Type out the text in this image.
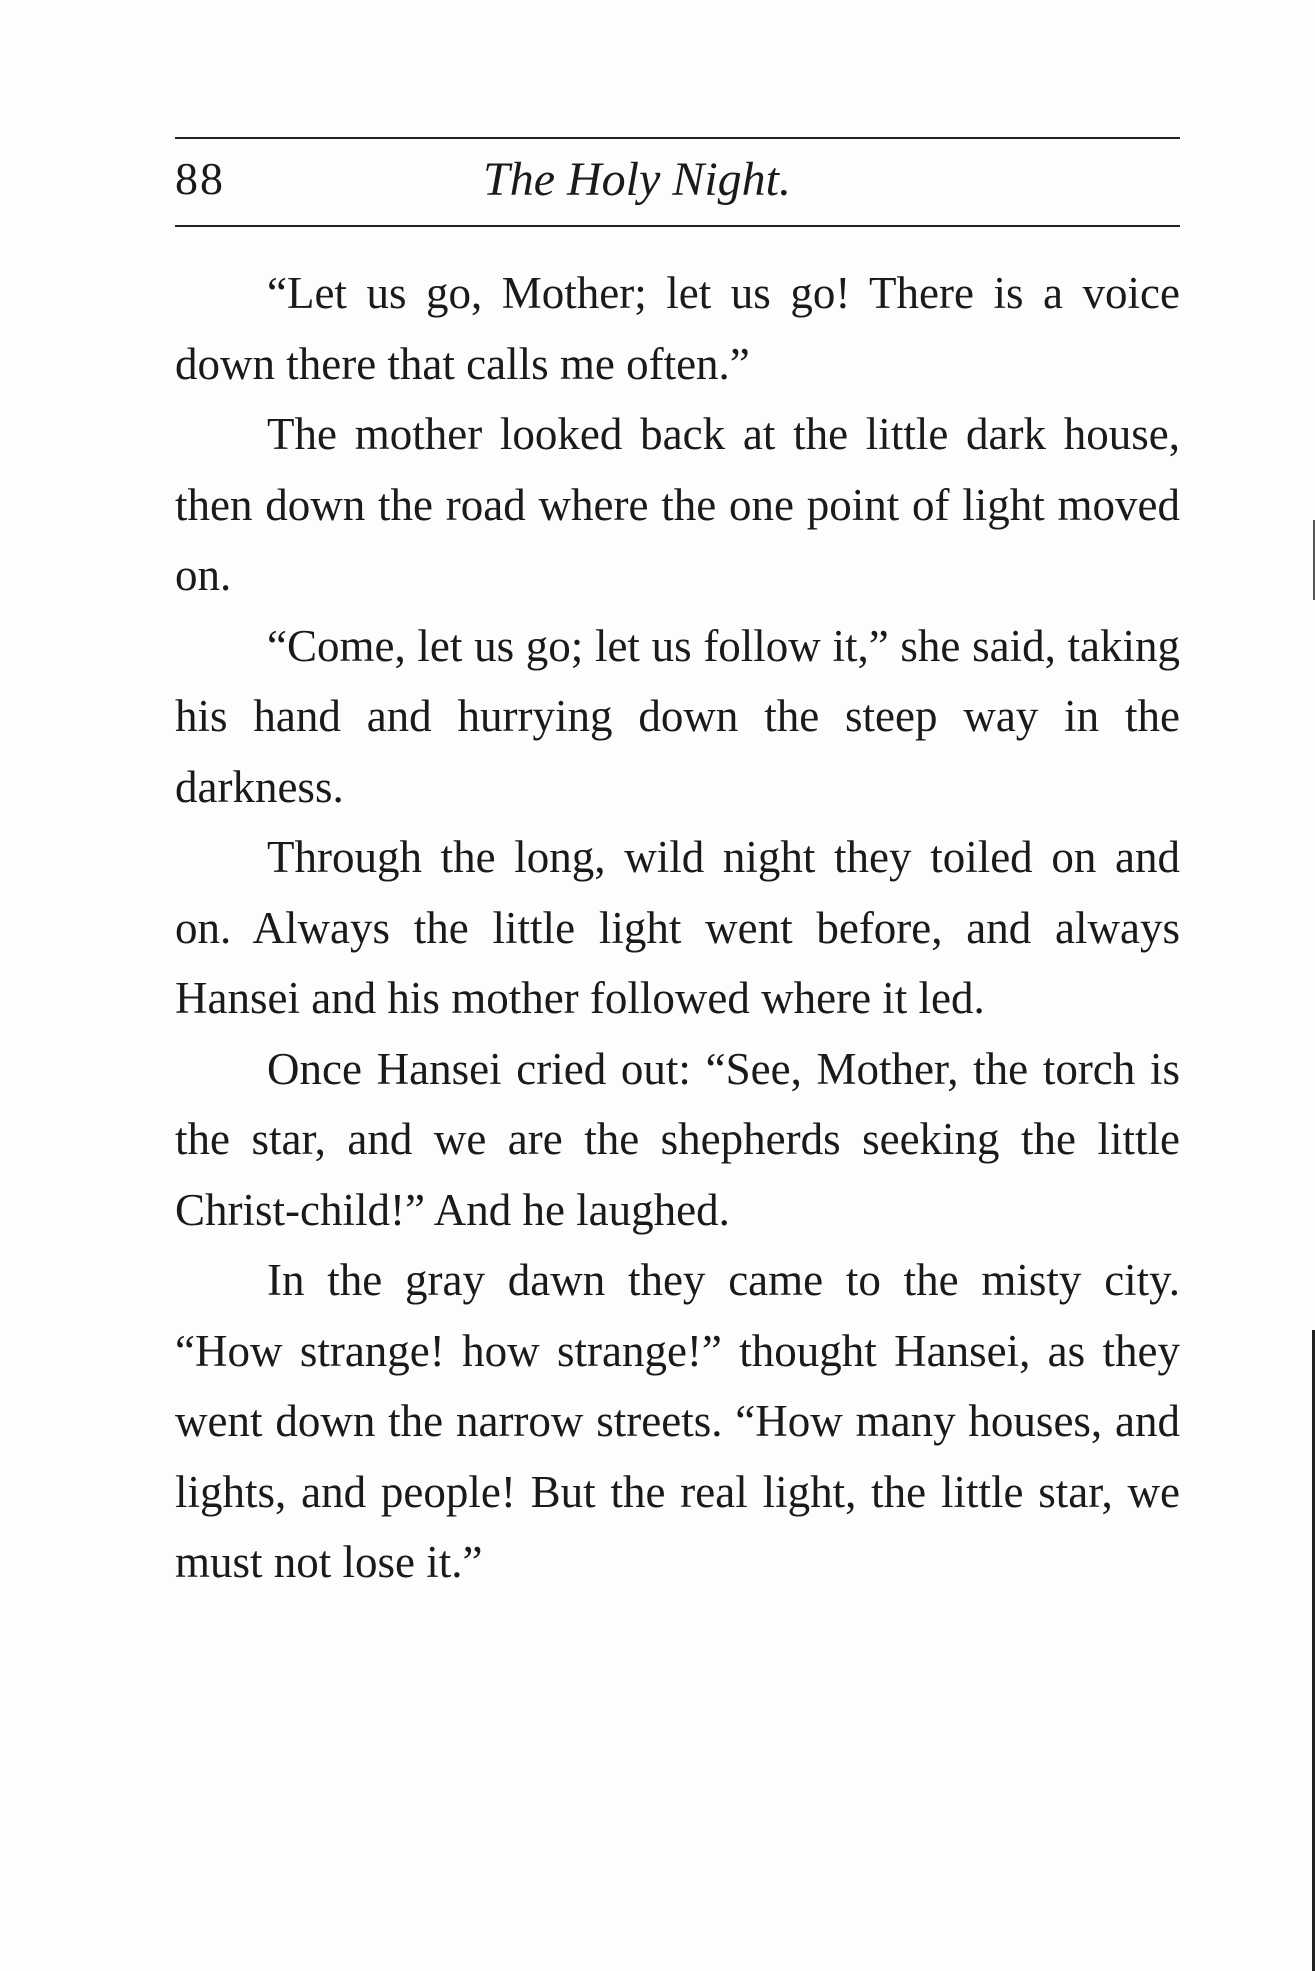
88	The Holy Night.

“Let us go, Mother; let us go! There is a voice down there that calls me often.”

The mother looked back at the little dark house, then down the road where the one point of light moved on.

“Come, let us go; let us follow it,” she said, taking his hand and hurrying down the steep way in the darkness.

Through the long, wild night they toiled on and on. Always the little light went before, and always Hansei and his mother followed where it led.

Once Hansei cried out: “See, Mother, the torch is the star, and we are the shepherds seeking the little Christ-child!” And he laughed.

In the gray dawn they came to the misty city. “How strange! how strange!” thought Hansei, as they went down the narrow streets. “How many houses, and lights, and people! But the real light, the little star, we must not lose it.”
